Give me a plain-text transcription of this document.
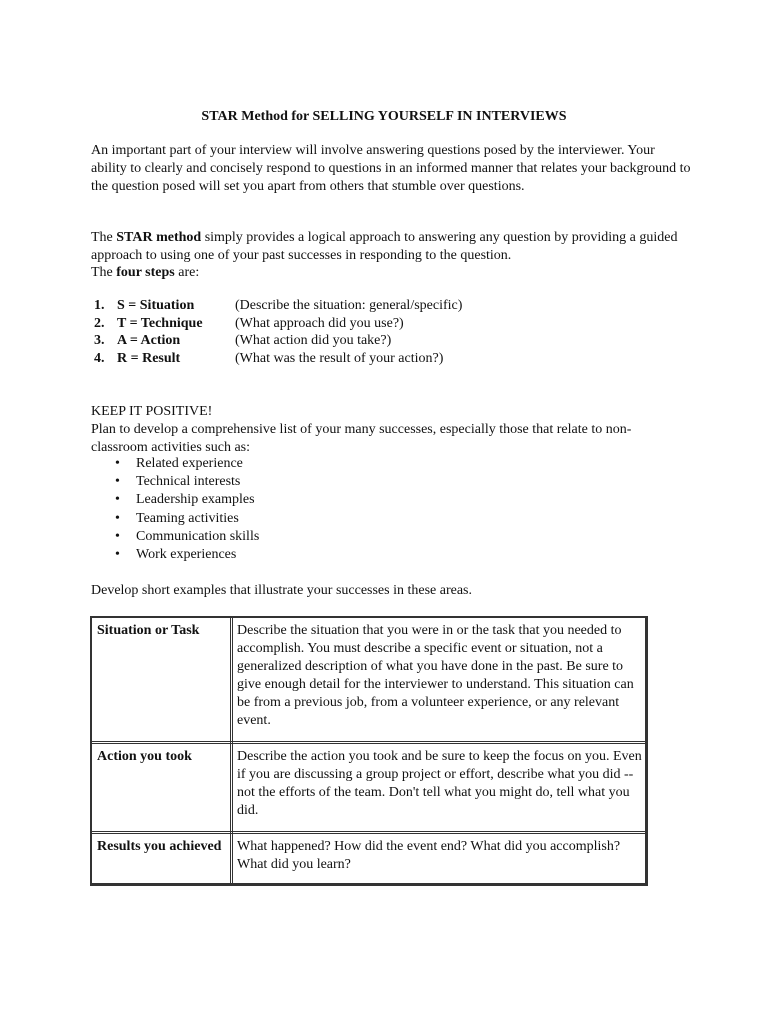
STAR Method for SELLING YOURSELF IN INTERVIEWS

An important part of your interview will involve answering questions posed by the interviewer. Your ability to clearly and concisely respond to questions in an informed manner that relates your background to the question posed will set you apart from others that stumble over questions.

The STAR method simply provides a logical approach to answering any question by providing a guided approach to using one of your past successes in responding to the question.

The four steps are:

1. S = Situation	(Describe the situation: general/specific)
2. T = Technique (What approach did you use?)
3. A = Action	(What action did you take?)
4. R = Result	(What was the result of your action?)

KEEP IT POSITIVE!

Plan to develop a comprehensive list of your many successes, especially those that relate to non-classroom activities such as:

• Related experience
• Technical interests
• Leadership examples
• Teaming activities
• Communication skills
• Work experiences

Develop short examples that illustrate your successes in these areas.

Situation or Task	Describe the situation that you were in or the task that you needed to accomplish. You must describe a specific event or situation, not a generalized description of what you have done in the past. Be sure to give enough detail for the interviewer to understand. This situation can be from a previous job, from a volunteer experience, or any relevant event.
Action you took	Describe the action you took and be sure to keep the focus on you. Even if you are discussing a group project or effort, describe what you did -- not the efforts of the team. Don't tell what you might do, tell what you did.
Results you achieved What happened? How did the event end? What did you accomplish? What did you learn?
